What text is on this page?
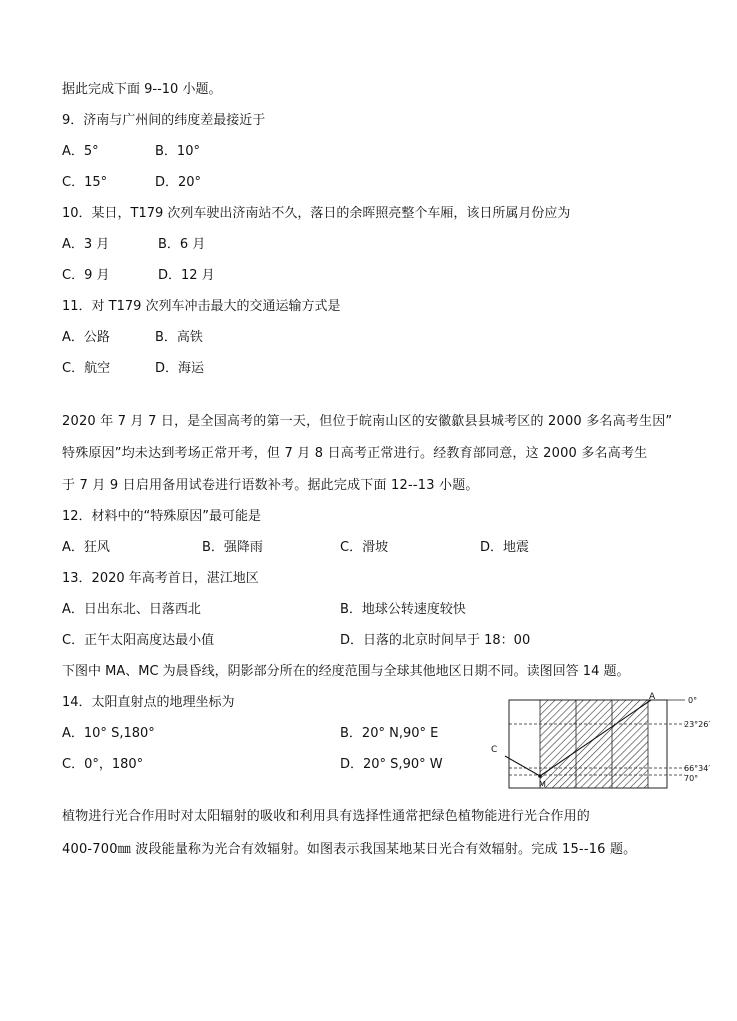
据此完成下面 9--10 小题。
9．济南与广州间的纬度差最接近于
A．5°	B．10°
C．15°	D．20°
10．某日，T179 次列车驶出济南站不久，落日的余晖照亮整个车厢，该日所属月份应为
A．3 月	B．6 月
C．9 月	D．12 月
11．对 T179 次列车冲击最大的交通运输方式是
A．公路	B．高铁
C．航空	D．海运
2020 年 7 月 7 日，是全国高考的第一天，但位于皖南山区的安徽歙县县城考区的 2000 多名高考生因”
特殊原因”均未达到考场正常开考，但 7 月 8 日高考正常进行。经教育部同意，这 2000 多名高考生
于 7 月 9 日启用备用试卷进行语数补考。据此完成下面 12--13 小题。
12．材料中的“特殊原因”最可能是
A．狂风	B．强降雨	C．滑坡	D．地震
13．2020 年高考首日，湛江地区
A．日出东北、日落西北	B．地球公转速度较快
C．正午太阳高度达最小值	D．日落的北京时间早于 18：00
下图中 MA、MC 为晨昏线，阴影部分所在的经度范围与全球其他地区日期不同。读图回答 14 题。
14．太阳直射点的地理坐标为
A．10° S,180°	B．20° N,90° E
C．0°，180°	D．20° S,90° W
A
C
M
0°
23°26′
66°34′
70°
植物进行光合作用时对太阳辐射的吸收和利用具有选择性通常把绿色植物能进行光合作用的
400-700㎜ 波段能量称为光合有效辐射。如图表示我国某地某日光合有效辐射。完成 15--16 题。
